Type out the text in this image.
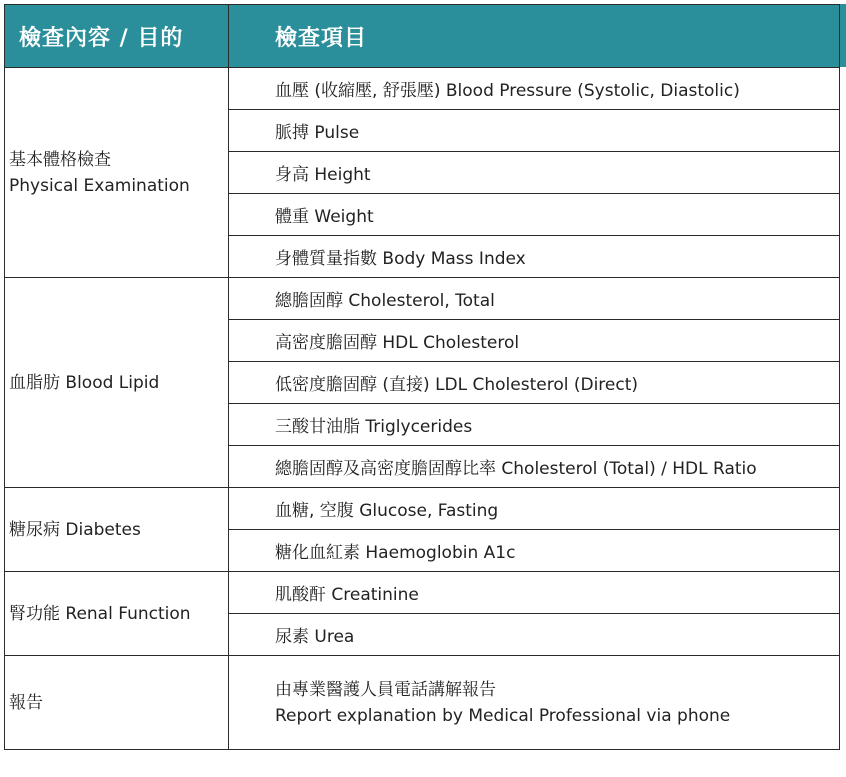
檢查內容 / 目的	檢查項目

基本體格檢查
Physical Examination	血壓 (收縮壓, 舒張壓) Blood Pressure (Systolic, Diastolic)
	脈搏 Pulse
	身高 Height
	體重 Weight
	身體質量指數 Body Mass Index

血脂肪 Blood Lipid	總膽固醇 Cholesterol, Total
	高密度膽固醇 HDL Cholesterol
	低密度膽固醇 (直接) LDL Cholesterol (Direct)
	三酸甘油脂 Triglycerides
	總膽固醇及高密度膽固醇比率 Cholesterol (Total) / HDL Ratio

糖尿病 Diabetes	血糖, 空腹 Glucose, Fasting
	糖化血紅素 Haemoglobin A1c

腎功能 Renal Function	肌酸酐 Creatinine
	尿素 Urea

報告	由專業醫護人員電話講解報告
Report explanation by Medical Professional via phone
